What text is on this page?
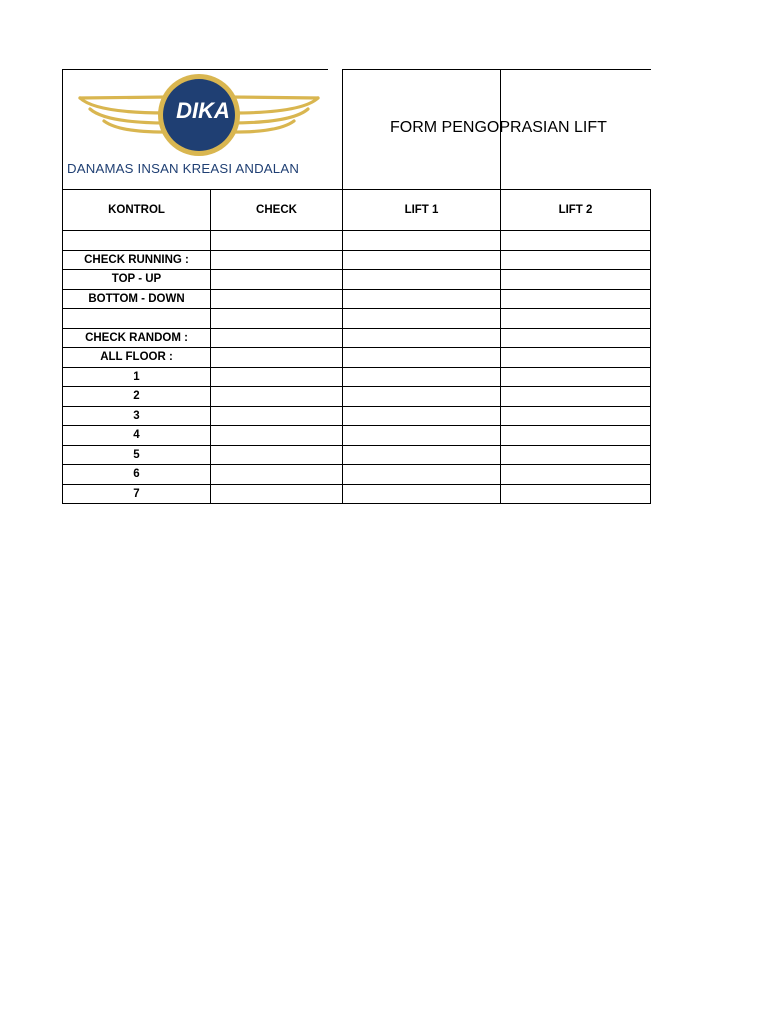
DIKA
DANAMAS INSAN KREASI ANDALAN
FORM PENGOPRASIAN LIFT
KONTROL	CHECK	LIFT 1	LIFT 2

CHECK RUNNING :			
TOP - UP			
BOTTOM - DOWN			

CHECK RANDOM :			
ALL FLOOR :			
1			
2			
3			
4			
5			
6			
7			
